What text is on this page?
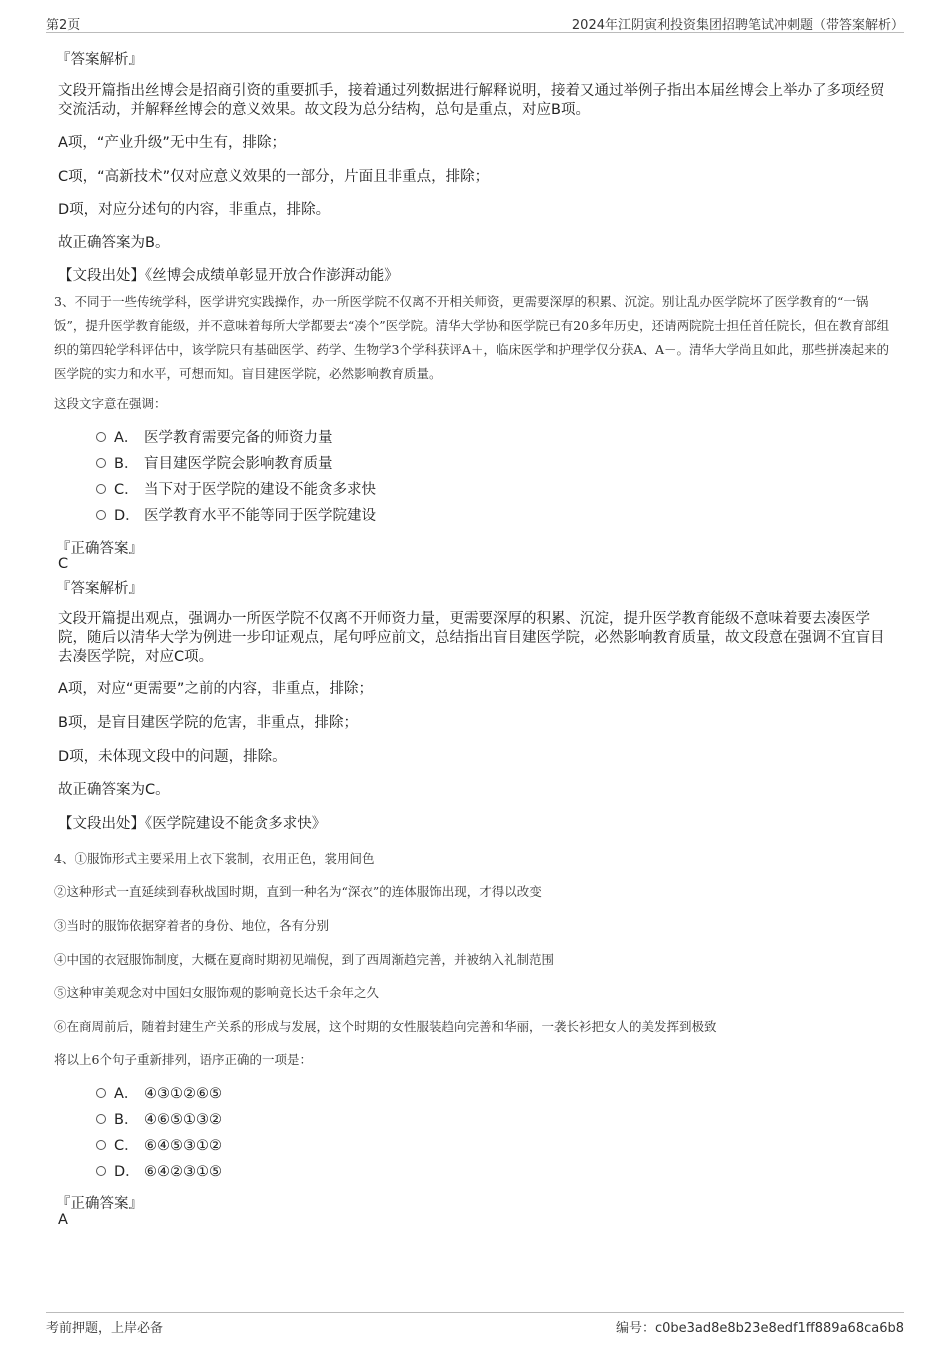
第2页	2024年江阴寅利投资集团招聘笔试冲刺题（带答案解析）
『答案解析』
文段开篇指出丝博会是招商引资的重要抓手，接着通过列数据进行解释说明，接着又通过举例子指出本届丝博会上举办了多项经贸交流活动，并解释丝博会的意义效果。故文段为总分结构，总句是重点，对应B项。
A项，“产业升级”无中生有，排除；
C项，“高新技术”仅对应意义效果的一部分，片面且非重点，排除；
D项，对应分述句的内容，非重点，排除。
故正确答案为B。
【文段出处】《丝博会成绩单彰显开放合作澎湃动能》
3、不同于一些传统学科，医学讲究实践操作，办一所医学院不仅离不开相关师资，更需要深厚的积累、沉淀。别让乱办医学院坏了医学教育的“一锅饭”，提升医学教育能级，并不意味着每所大学都要去“凑个”医学院。清华大学协和医学院已有20多年历史，还请两院院士担任首任院长，但在教育部组织的第四轮学科评估中，该学院只有基础医学、药学、生物学3个学科获评A＋，临床医学和护理学仅分获A、A－。清华大学尚且如此，那些拼凑起来的医学院的实力和水平，可想而知。盲目建医学院，必然影响教育质量。
这段文字意在强调：
A． 医学教育需要完备的师资力量
B． 盲目建医学院会影响教育质量
C． 当下对于医学院的建设不能贪多求快
D． 医学教育水平不能等同于医学院建设
『正确答案』
C
『答案解析』
文段开篇提出观点，强调办一所医学院不仅离不开师资力量，更需要深厚的积累、沉淀，提升医学教育能级不意味着要去凑医学院，随后以清华大学为例进一步印证观点，尾句呼应前文，总结指出盲目建医学院，必然影响教育质量，故文段意在强调不宜盲目去凑医学院，对应C项。
A项，对应“更需要”之前的内容，非重点，排除；
B项，是盲目建医学院的危害，非重点，排除；
D项，未体现文段中的问题，排除。
故正确答案为C。
【文段出处】《医学院建设不能贪多求快》
4、①服饰形式主要采用上衣下裳制，衣用正色，裳用间色
②这种形式一直延续到春秋战国时期，直到一种名为“深衣”的连体服饰出现，才得以改变
③当时的服饰依据穿着者的身份、地位，各有分别
④中国的衣冠服饰制度，大概在夏商时期初见端倪，到了西周渐趋完善，并被纳入礼制范围
⑤这种审美观念对中国妇女服饰观的影响竟长达千余年之久
⑥在商周前后，随着封建生产关系的形成与发展，这个时期的女性服装趋向完善和华丽，一袭长衫把女人的美发挥到极致
将以上6个句子重新排列，语序正确的一项是：
A． ④③①②⑥⑤
B． ④⑥⑤①③②
C． ⑥④⑤③①②
D． ⑥④②③①⑤
『正确答案』
A
考前押题，上岸必备	编号：c0be3ad8e8b23e8edf1ff889a68ca6b8
